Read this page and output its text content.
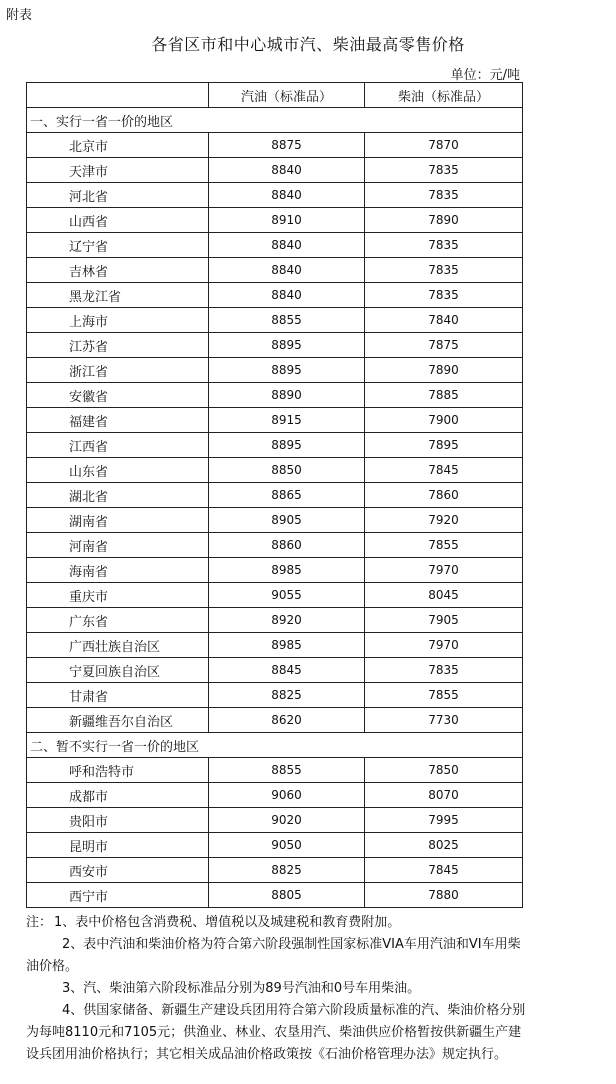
附表
各省区市和中心城市汽、柴油最高零售价格
单位：元/吨
	汽油（标准品）	柴油（标准品）
一、实行一省一价的地区		
北京市	8875	7870
天津市	8840	7835
河北省	8840	7835
山西省	8910	7890
辽宁省	8840	7835
吉林省	8840	7835
黑龙江省	8840	7835
上海市	8855	7840
江苏省	8895	7875
浙江省	8895	7890
安徽省	8890	7885
福建省	8915	7900
江西省	8895	7895
山东省	8850	7845
湖北省	8865	7860
湖南省	8905	7920
河南省	8860	7855
海南省	8985	7970
重庆市	9055	8045
广东省	8920	7905
广西壮族自治区	8985	7970
宁夏回族自治区	8845	7835
甘肃省	8825	7855
新疆维吾尔自治区	8620	7730
二、暂不实行一省一价的地区		
呼和浩特市	8855	7850
成都市	9060	8070
贵阳市	9020	7995
昆明市	9050	8025
西安市	8825	7845
西宁市	8805	7880

注： 1、表中价格包含消费税、增值税以及城建税和教育费附加。

2、表中汽油和柴油价格为符合第六阶段强制性国家标准VIA车用汽油和VI车用柴油价格。

3、汽、柴油第六阶段标准品分别为89号汽油和0号车用柴油。

4、供国家储备、新疆生产建设兵团用符合第六阶段质量标准的汽、柴油价格分别为每吨8110元和7105元；供渔业、林业、农垦用汽、柴油供应价格暂按供新疆生产建设兵团用油价格执行；其它相关成品油价格政策按《石油价格管理办法》规定执行。
